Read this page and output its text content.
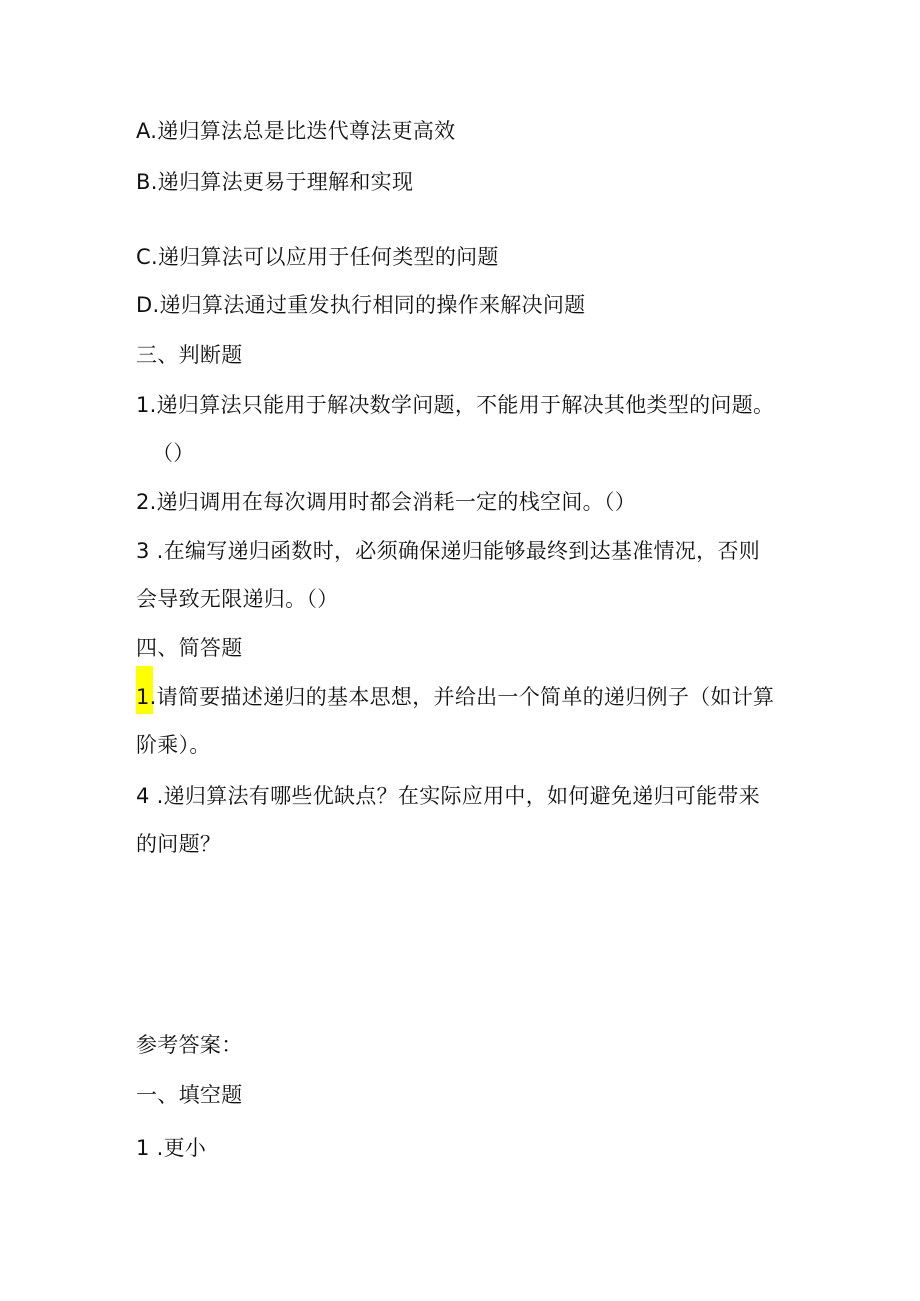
A.递归算法总是比迭代尊法更高效
B.递归算法更易于理解和实现
C.递归算法可以应用于任何类型的问题
D.递归算法通过重发执行相同的操作来解决问题
三、判断题
1.递归算法只能用于解决数学问题，不能用于解决其他类型的问题。
（）
2.递归调用在每次调用时都会消耗一定的栈空间。（）
3 .在编写递归函数时，必须确保递归能够最终到达基准情况，否则
会导致无限递归。（）
四、简答题
1.请简要描述递归的基本思想，并给出一个简单的递归例子（如计算
阶乘）。
4 .递归算法有哪些优缺点？在实际应用中，如何避免递归可能带来
的问题？
参考答案：
一、填空题
1 .更小
